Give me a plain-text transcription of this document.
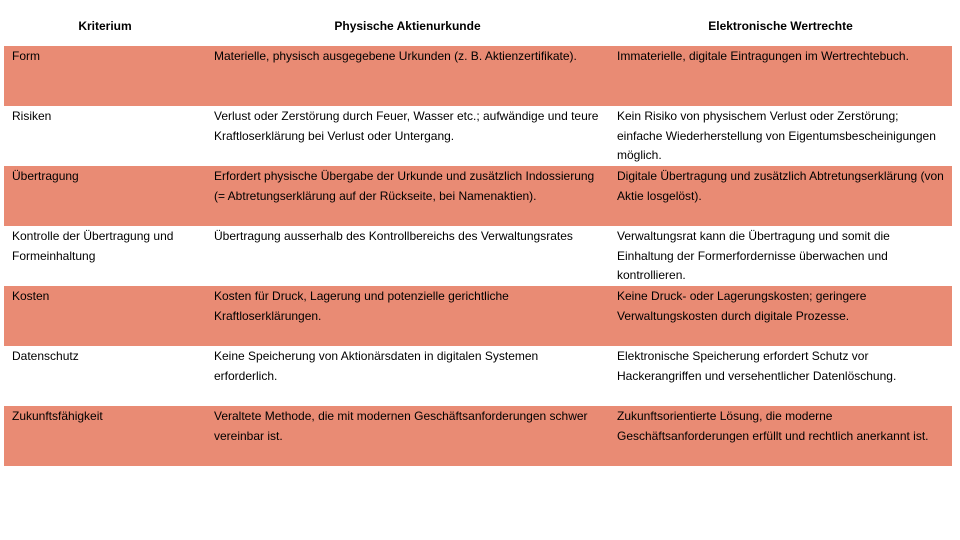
Kriterium	Physische Aktienurkunde	Elektronische Wertrechte
Form	Materielle, physisch ausgegebene Urkunden (z. B. Aktienzertifikate).	Immaterielle, digitale Eintragungen im Wertrechtebuch.
Risiken	Verlust oder Zerstörung durch Feuer, Wasser etc.; aufwändige und teure Kraftloserklärung bei Verlust oder Untergang.	Kein Risiko von physischem Verlust oder Zerstörung; einfache Wiederherstellung von Eigentumsbescheinigungen möglich.
Übertragung	Erfordert physische Übergabe der Urkunde und zusätzlich Indossierung (= Abtretungserklärung auf der Rückseite, bei Namenaktien).	Digitale Übertragung und zusätzlich Abtretungserklärung (von Aktie losgelöst).
Kontrolle der Übertragung und Formeinhaltung	Übertragung ausserhalb des Kontrollbereichs des Verwaltungsrates	Verwaltungsrat kann die Übertragung und somit die Einhaltung der Formerfordernisse überwachen und kontrollieren.
Kosten	Kosten für Druck, Lagerung und potenzielle gerichtliche Kraftloserklärungen.	Keine Druck- oder Lagerungskosten; geringere Verwaltungskosten durch digitale Prozesse.
Datenschutz	Keine Speicherung von Aktionärsdaten in digitalen Systemen erforderlich.	Elektronische Speicherung erfordert Schutz vor Hackerangriffen und versehentlicher Datenlöschung.
Zukunftsfähigkeit	Veraltete Methode, die mit modernen Geschäftsanforderungen schwer vereinbar ist.	Zukunftsorientierte Lösung, die moderne Geschäftsanforderungen erfüllt und rechtlich anerkannt ist.
